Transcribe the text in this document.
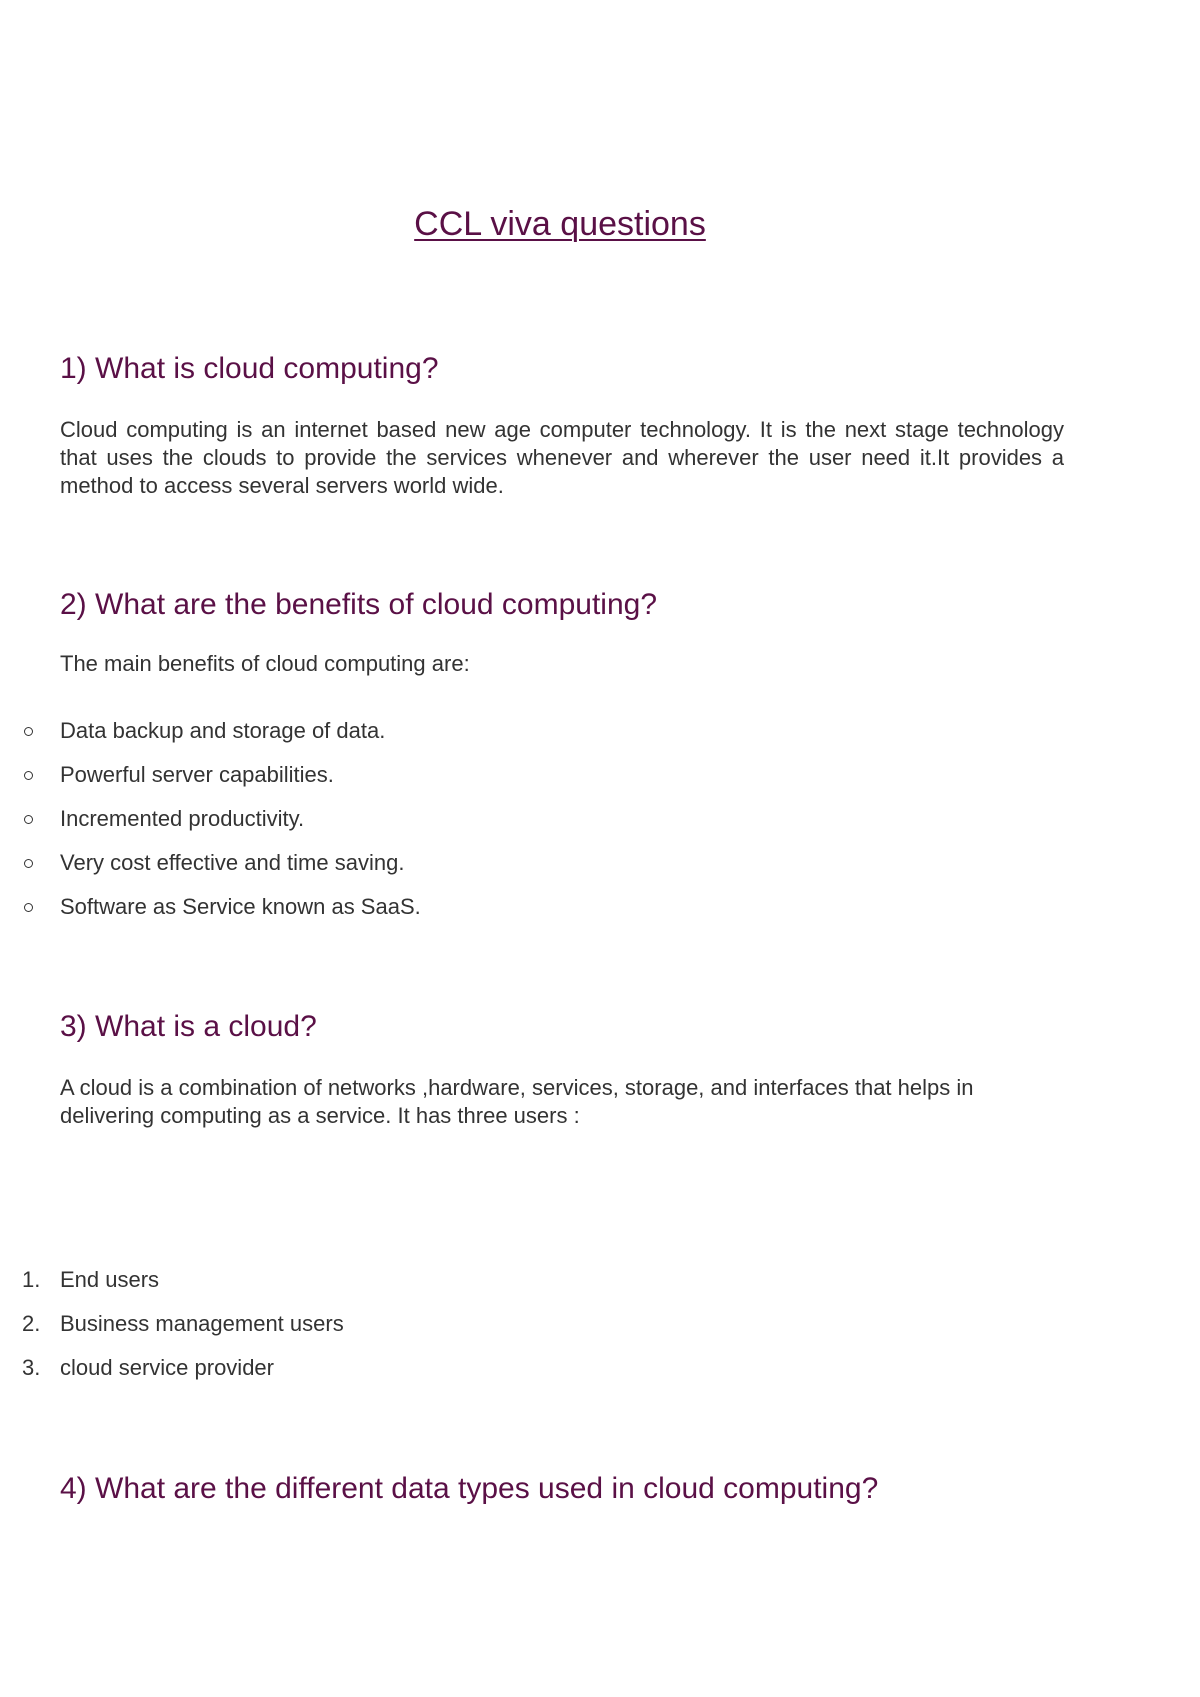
CCL viva questions
1) What is cloud computing?

Cloud computing is an internet based new age computer technology. It is the next stage technology that uses the clouds to provide the services whenever and wherever the user need it.It provides a method to access several servers world wide.

2) What are the benefits of cloud computing?

The main benefits of cloud computing are:

Data backup and storage of data.
Powerful server capabilities.
Incremented productivity.
Very cost effective and time saving.
Software as Service known as SaaS.
3) What is a cloud?

A cloud is a combination of networks ,hardware, services, storage, and interfaces that helps in delivering computing as a service. It has three users :

1. End users
2. Business management users
3. cloud service provider
4) What are the different data types used in cloud computing?
